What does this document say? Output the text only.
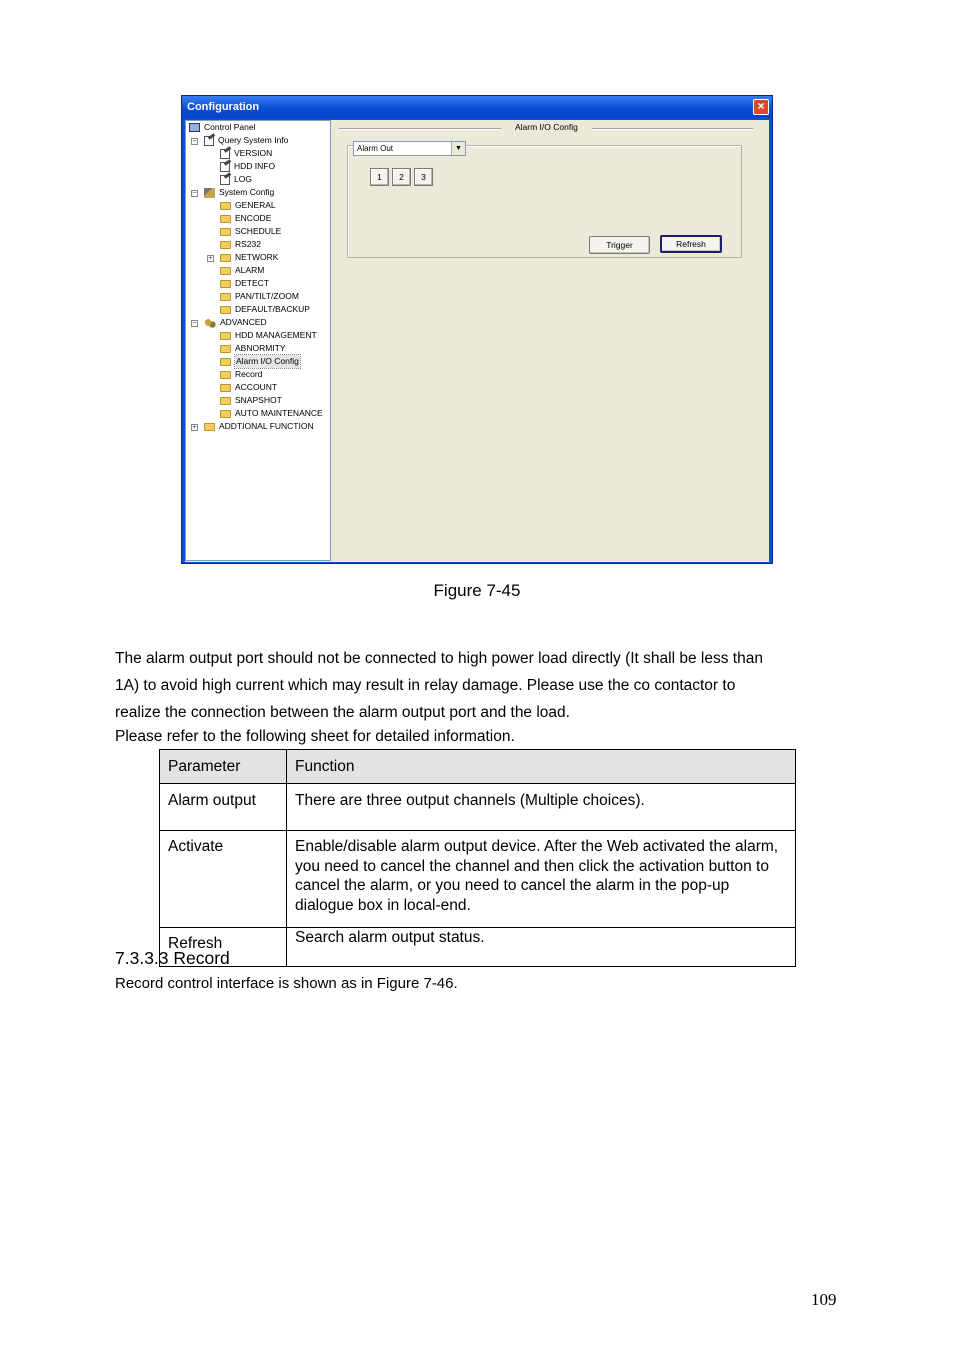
Configuration	×
Control Panel
−	Query System Info
VERSION
HDD INFO
LOG
−	System Config
GENERAL
ENCODE
SCHEDULE
RS232
+	NETWORK
ALARM
DETECT
PAN/TILT/ZOOM
DEFAULT/BACKUP
−	ADVANCED
HDD MANAGEMENT
ABNORMITY
Alarm I/O Config
Record
ACCOUNT
SNAPSHOT
AUTO MAINTENANCE
+	ADDTIONAL FUNCTION
Alarm I/O Config
Alarm Out	▼
1	2	3
Trigger	Refresh
Figure 7-45
The alarm output port should not be connected to high power load directly (It shall be less than
1A) to avoid high current which may result in relay damage. Please use the co contactor to
realize the connection between the alarm output port and the load.
Please refer to the following sheet for detailed information.
Parameter	Function
Alarm output	There are three output channels (Multiple choices).
Activate	Enable/disable alarm output device. After the Web activated the alarm, you need to cancel the channel and then click the activation button to cancel the alarm, or you need to cancel the alarm in the pop-up dialogue box in local-end.
Refresh	Search alarm output status.
7.3.3.3 Record
Record control interface is shown as in Figure 7-46.
109
